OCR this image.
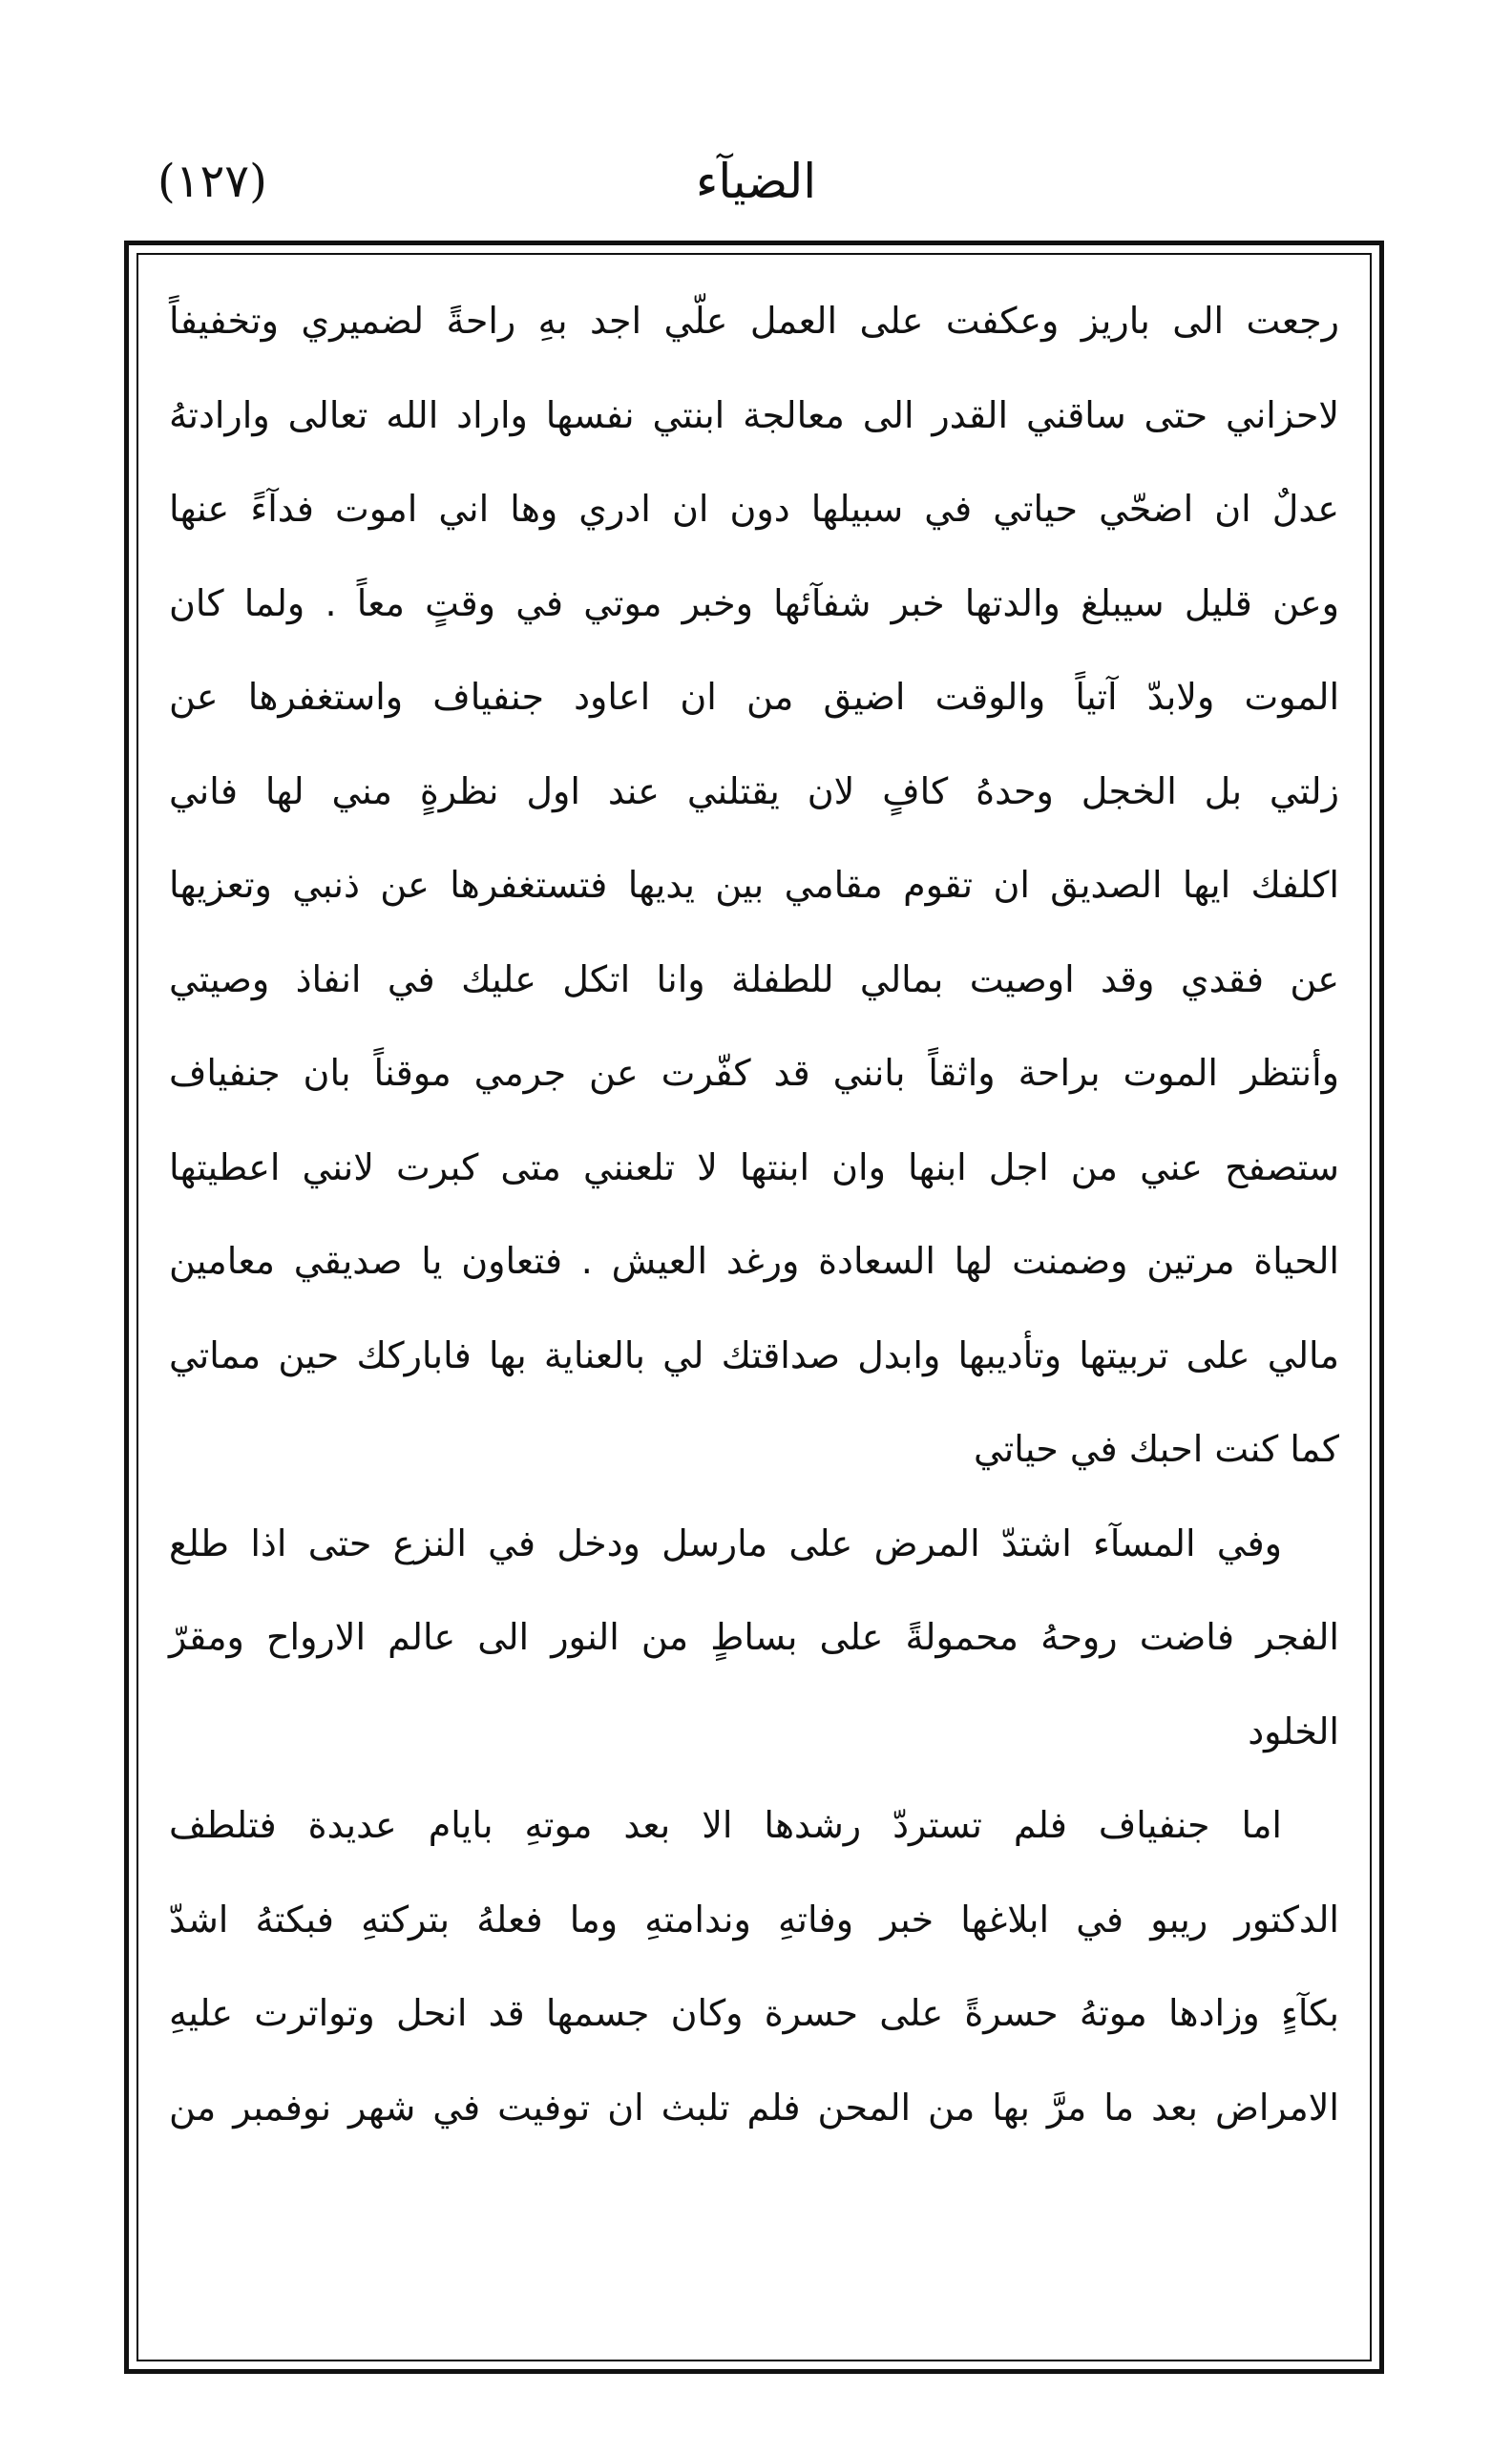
الضيآء
(١٢٧)
رجعت الى باريز وعكفت على العمل علّي اجد بهِ راحةً لضميري وتخفيفاً
لاحزاني حتى ساقني القدر الى معالجة ابنتي نفسها واراد الله تعالى وارادتهُ
عدلٌ ان اضحّي حياتي في سبيلها دون ان ادري وها اني اموت فدآءً عنها
وعن قليل سيبلغ والدتها خبر شفآئها وخبر موتي في وقتٍ معاً . ولما كان
الموت ولابدّ آتياً والوقت اضيق من ان اعاود جنفياف واستغفرها عن
زلتي بل الخجل وحدهُ كافٍ لان يقتلني عند اول نظرةٍ مني لها فاني
اكلفك ايها الصديق ان تقوم مقامي بين يديها فتستغفرها عن ذنبي وتعزيها
عن فقدي وقد اوصيت بمالي للطفلة وانا اتكل عليك في انفاذ وصيتي
وأنتظر الموت براحة واثقاً بانني قد كفّرت عن جرمي موقناً بان جنفياف
ستصفح عني من اجل ابنها وان ابنتها لا تلعنني متى كبرت لانني اعطيتها
الحياة مرتين وضمنت لها السعادة ورغد العيش . فتعاون يا صديقي معامين
مالي على تربيتها وتأديبها وابدل صداقتك لي بالعناية بها فاباركك حين مماتي
كما كنت احبك في حياتي
وفي المسآء اشتدّ المرض على مارسل ودخل في النزع حتى اذا طلع
الفجر فاضت روحهُ محمولةً على بساطٍ من النور الى عالم الارواح ومقرّ
الخلود
اما جنفياف فلم تستردّ رشدها الا بعد موتهِ بايام عديدة فتلطف
الدكتور ريبو في ابلاغها خبر وفاتهِ وندامتهِ وما فعلهُ بتركتهِ فبكتهُ اشدّ
بكآءٍ وزادها موتهُ حسرةً على حسرة وكان جسمها قد انحل وتواترت عليهِ
الامراض بعد ما مرَّ بها من المحن فلم تلبث ان توفيت في شهر نوفمبر من
